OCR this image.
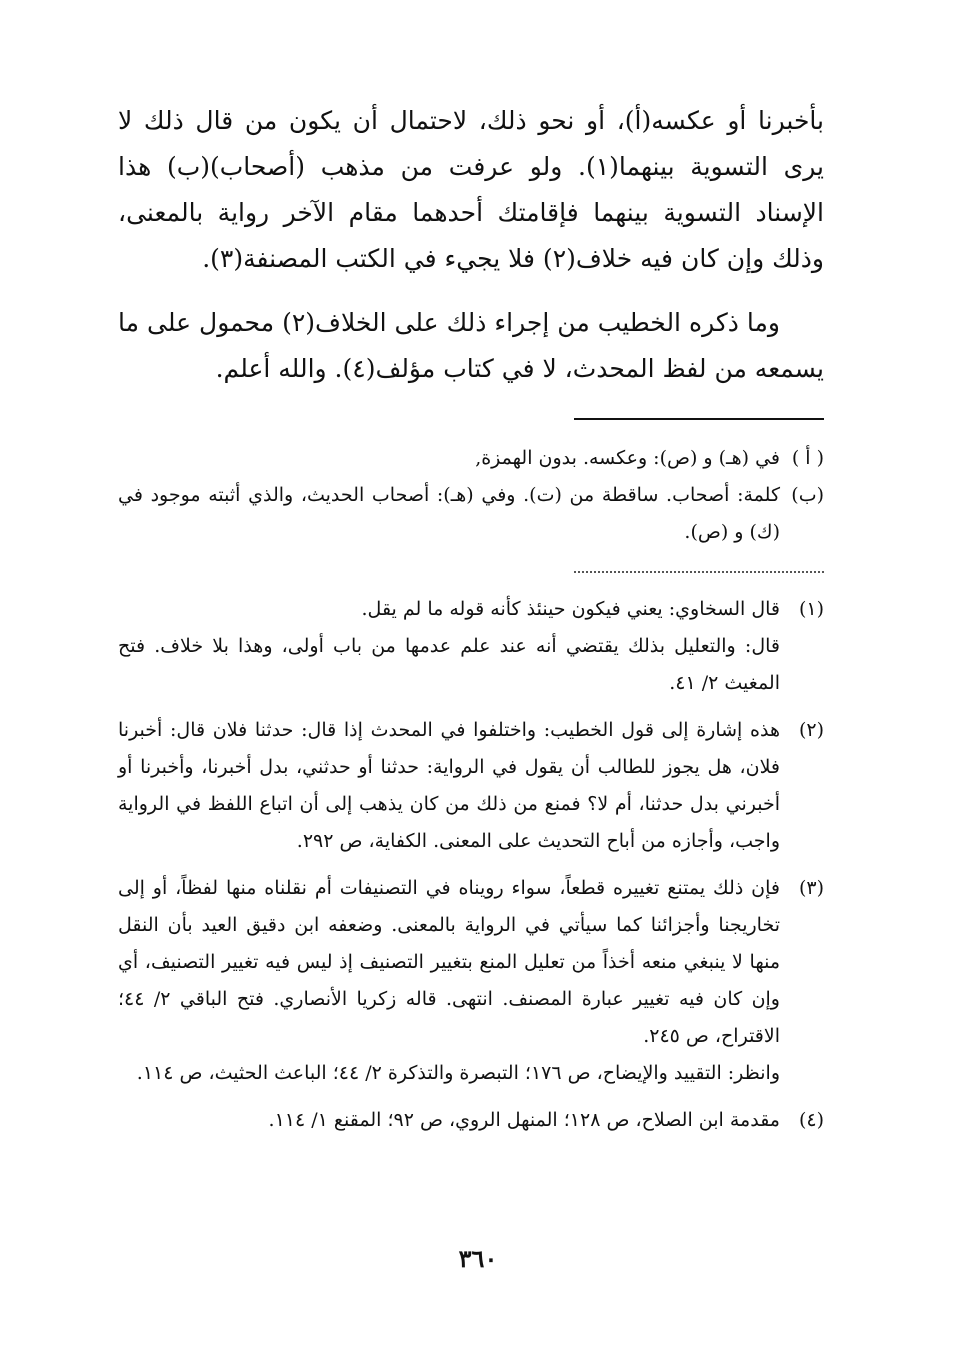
بأخبرنا أو عكسه(أ)، أو نحو ذلك، لاحتمال أن يكون من قال ذلك لا يرى التسوية بينهما(١). ولو عرفت من مذهب (أصحاب)(ب) هذا الإسناد التسوية بينهما فإقامتك أحدهما مقام الآخر رواية بالمعنى، وذلك وإن كان فيه خلاف(٢) فلا يجيء في الكتب المصنفة(٣).

وما ذكره الخطيب من إجراء ذلك على الخلاف(٢) محمول على ما يسمعه من لفظ المحدث، لا في كتاب مؤلف(٤). والله أعلم.

( أ )
في (هـ) و (ص): وعكسه. بدون الهمزة,
(ب)
كلمة: أصحاب. ساقطة من (ت). وفي (هـ): أصحاب الحديث، والذي أثبته موجود في (ك) و (ص).
(١)

قال السخاوي: يعني فيكون حينئذ كأنه قوله ما لم يقل.

قال: والتعليل بذلك يقتضي أنه عند علم عدمها من باب أولى، وهذا بلا خلاف. فتح المغيث ٢/ ٤١.

(٢)

هذه إشارة إلى قول الخطيب: واختلفوا في المحدث إذا قال: حدثنا فلان قال: أخبرنا فلان، هل يجوز للطالب أن يقول في الرواية: حدثنا أو حدثني، بدل أخبرنا، وأخبرنا أو أخبرني بدل حدثنا، أم لا؟ فمنع من ذلك من كان يذهب إلى أن اتباع اللفظ في الرواية واجب، وأجازه من أباح التحديث على المعنى. الكفاية، ص ٢٩٢.

(٣)

فإن ذلك يمتنع تغييره قطعاً، سواء رويناه في التصنيفات أم نقلناه منها لفظاً، أو إلى تخاريجنا وأجزائنا كما سيأتي في الرواية بالمعنى. وضعفه ابن دقيق العيد بأن النقل منها لا ينبغي منعه أخذاً من تعليل المنع بتغيير التصنيف إذ ليس فيه تغيير التصنيف، أي وإن كان فيه تغيير عبارة المصنف. انتهى. قاله زكريا الأنصاري. فتح الباقي ٢/ ٤٤؛ الاقتراح، ص ٢٤٥.

وانظر: التقييد والإيضاح، ص ١٧٦؛ التبصرة والتذكرة ٢/ ٤٤؛ الباعث الحثيث، ص ١١٤.

(٤)

مقدمة ابن الصلاح، ص ١٢٨؛ المنهل الروي، ص ٩٢؛ المقنع ١/ ١١٤.

٣٦٠
